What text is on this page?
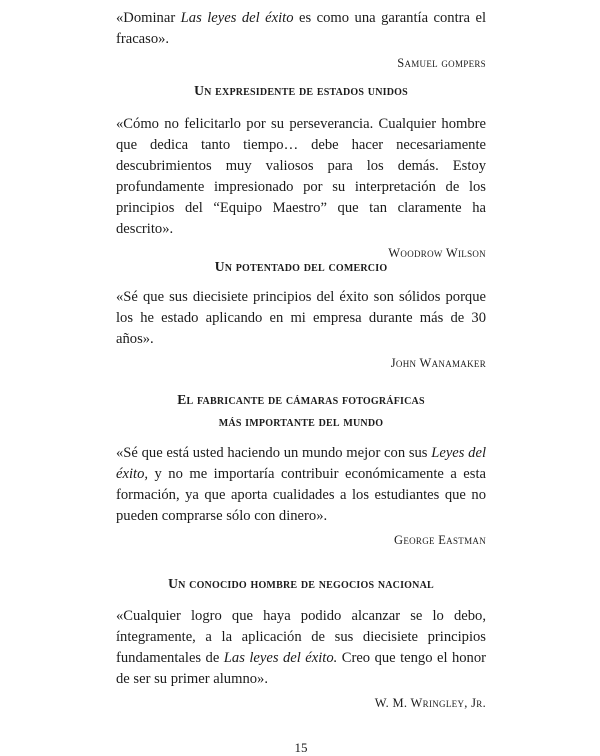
«Dominar Las leyes del éxito es como una garantía contra el fracaso».

Samuel gompers
Un expresidente de estados unidos

«Cómo no felicitarlo por su perseverancia. Cualquier hombre que dedica tanto tiempo… debe hacer necesariamente descubrimientos muy valiosos para los demás. Estoy profundamente impresionado por su interpretación de los principios del “Equipo Maestro” que tan claramente ha descrito».

Woodrow Wilson
Un potentado del comercio

«Sé que sus diecisiete principios del éxito son sólidos porque los he estado aplicando en mi empresa durante más de 30 años».

John Wanamaker
El fabricante de cámaras fotográficas
más importante del mundo

«Sé que está usted haciendo un mundo mejor con sus Leyes del éxito, y no me importaría contribuir económicamente a esta formación, ya que aporta cualidades a los estudiantes que no pueden comprarse sólo con dinero».

George Eastman
Un conocido hombre de negocios nacional

«Cualquier logro que haya podido alcanzar se lo debo, íntegramente, a la aplicación de sus diecisiete principios fundamentales de Las leyes del éxito. Creo que tengo el honor de ser su primer alumno».

W. M. Wringley, Jr.
15
